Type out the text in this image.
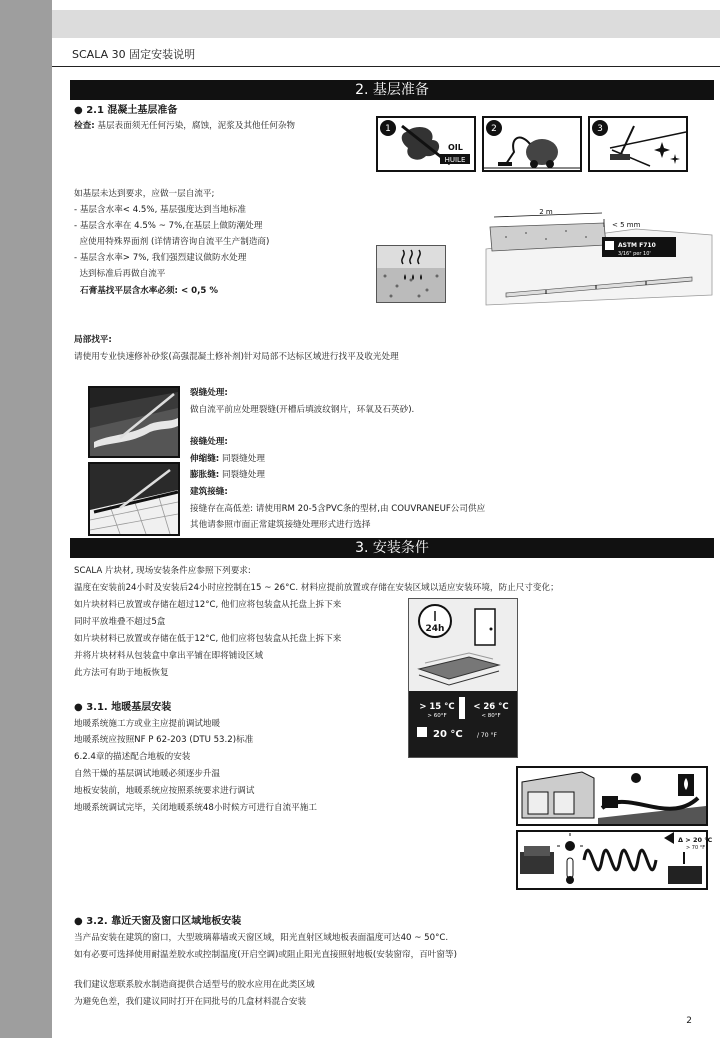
SCALA 30 固定安装说明
2. 基层准备
● 2.1 混凝土基层准备
检查: 基层表面须无任何污染，腐蚀，泥浆及其他任何杂物	1
OIL
HUILE
2	3
如基层未达到要求，应做一层自流平;
- 基层含水率< 4.5%, 基层强度达到当地标准
- 基层含水率在 4.5% ~ 7%,在基层上做防潮处理
应使用特殊界面剂 (详情请咨询自流平生产制造商)
- 基层含水率> 7%, 我们强烈建议做防水处理
达到标准后再做自流平
石膏基找平层含水率必须: < 0,5 %
2 m
< 5 mm
ASTM F710
3/16" per 10'
局部找平:
请使用专业快速修补砂浆(高强混凝土修补剂)针对局部不达标区域进行找平及收光处理
裂缝处理:
做自流平前应处理裂缝(开槽后填波纹钢片，环氧及石英砂).
接缝处理:
伸缩缝: 同裂缝处理
膨胀缝: 同裂缝处理
建筑接缝:
接缝存在高低差: 请使用RM 20-5含PVC条的型材,由 COUVRANEUF公司供应
其他请参照市面正常建筑接缝处理形式进行选择
3. 安装条件
SCALA 片块材, 现场安装条件应参照下列要求:
温度在安装前24小时及安装后24小时应控制在15 ~ 26°C. 材料应提前放置或存储在安装区域以适应安装环境，防止尺寸变化；
如片块材料已放置或存储在超过12°C, 他们应将包装盒从托盘上拆下来
同时平放堆叠不超过5盒
如片块材料已放置或存储在低于12°C, 他们应将包装盒从托盘上拆下来
并将片块材料从包装盒中拿出平铺在即将铺设区域
此方法可有助于地板恢复
24h
> 15 °C
> 60°F
< 26 °C
< 80°F
20 °C / 70 °F
● 3.1. 地暖基层安装
地暖系统施工方或业主应提前调试地暖
地暖系统应按照NF P 62-203 (DTU 53.2)标准
6.2.4章的描述配合地板的安装
自然干燥的基层调试地暖必须逐步升温
地板安装前，地暖系统应按照系统要求进行调试
地暖系统调试完毕，关闭地暖系统48小时候方可进行自流平施工
Δ > 20 °C
> 70 °F
● 3.2. 靠近天窗及窗口区域地板安装
当产品安装在建筑的窗口，大型玻璃幕墙或天窗区域，阳光直射区域地板表面温度可达40 ~ 50°C.
如有必要可选择使用耐温差胶水或控制温度(开启空调)或阻止阳光直接照射地板(安装窗帘，百叶窗等)
我们建议您联系胶水制造商提供合适型号的胶水应用在此类区域
为避免色差，我们建议同时打开在同批号的几盒材料混合安装
2
